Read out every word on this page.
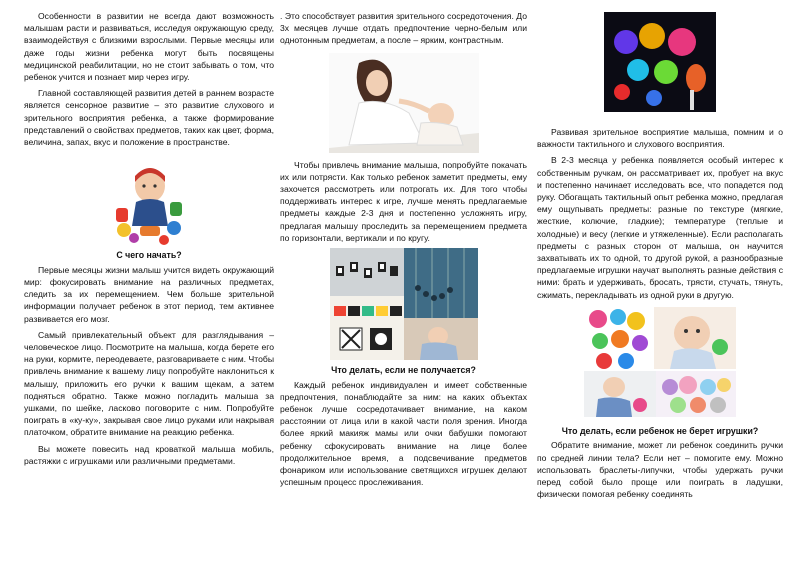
Особенности в развитии не всегда дают возможность малышам расти и развиваться, исследуя окружающую среду, взаимодействуя с близкими взрослыми. Первые месяцы или даже годы жизни ребенка могут быть посвящены медицинской реабилитации, но не стоит забывать о том, что ребенок учится и познает мир через игру.

Главной составляющей развития детей в раннем возрасте является сенсорное развитие – это развитие слухового и зрительного восприятия ребенка, а также формирование представлений о свойствах предметов, таких как цвет, форма, величина, запах, вкус и положение в пространстве.

С чего начать?

Первые месяцы жизни малыш учится видеть окружающий мир: фокусировать внимание на различных предметах, следить за их перемещением. Чем больше зрительной информации получает ребенок в этот период, тем активнее развивается его мозг.

Самый привлекательный объект для разглядывания – человеческое лицо. Посмотрите на малыша, когда берете его на руки, кормите, переодеваете, разговариваете с ним. Чтобы привлечь внимание к вашему лицу попробуйте наклониться к малышу, приложить его ручки к вашим щекам, а затем подняться обратно. Также можно погладить малыша за ушками, по шейке, ласково поговорите с ним. Попробуйте поиграть в «ку-ку», закрывая свое лицо руками или накрывая платочком, обратите внимание на реакцию ребенка.

Вы можете повесить над кроваткой малыша мобиль, растяжки с игрушками или различными предметами.

. Это способствует развития зрительного сосредоточения. До 3х месяцев лучше отдать предпочтение черно-белым или однотонным предметам, а после – ярким, контрастным.

Чтобы привлечь внимание малыша, попробуйте покачать их или потрясти. Как только ребенок заметит предметы, ему захочется рассмотреть или потрогать их. Для того чтобы поддерживать интерес к игре, лучше менять предлагаемые предметы каждые 2-3 дня и постепенно усложнять игру, предлагая малышу проследить за перемещением предмета по горизонтали, вертикали и по кругу.

Что делать, если не получается?

Каждый ребенок индивидуален и имеет собственные предпочтения, понаблюдайте за ним: на каких объектах ребенок лучше сосредотачивает внимание, на каком расстоянии от лица или в какой части поля зрения. Иногда более яркий макияж мамы или очки бабушки помогают ребенку сфокусировать внимание на лице более продолжительное время, а подсвечивание предметов фонариком или использование светящихся игрушек делают успешным процесс прослеживания.

Развивая зрительное восприятие малыша, помним и о важности тактильного и слухового восприятия.

В 2-3 месяца у ребенка появляется особый интерес к собственным ручкам, он рассматривает их, пробует на вкус и постепенно начинает исследовать все, что попадется под руку. Обогащать тактильный опыт ребенка можно, предлагая ему ощупывать предметы: разные по текстуре (мягкие, жесткие, колючие, гладкие); температуре (теплые и холодные) и весу (легкие и утяжеленные). Если располагать предметы с разных сторон от малыша, он научится захватывать их то одной, то другой рукой, а разнообразные предлагаемые игрушки научат выполнять разные действия с ними: брать и удерживать, бросать, трясти, стучать, тянуть, сжимать, перекладывать из одной руки в другую.

Что делать, если ребенок не берет игрушки?

Обратите внимание, может ли ребенок соединить ручки по средней линии тела? Если нет – помогите ему. Можно использовать браслеты-липучки, чтобы удержать ручки перед собой было проще или поиграть в ладушки, физически помогая ребенку соединять
